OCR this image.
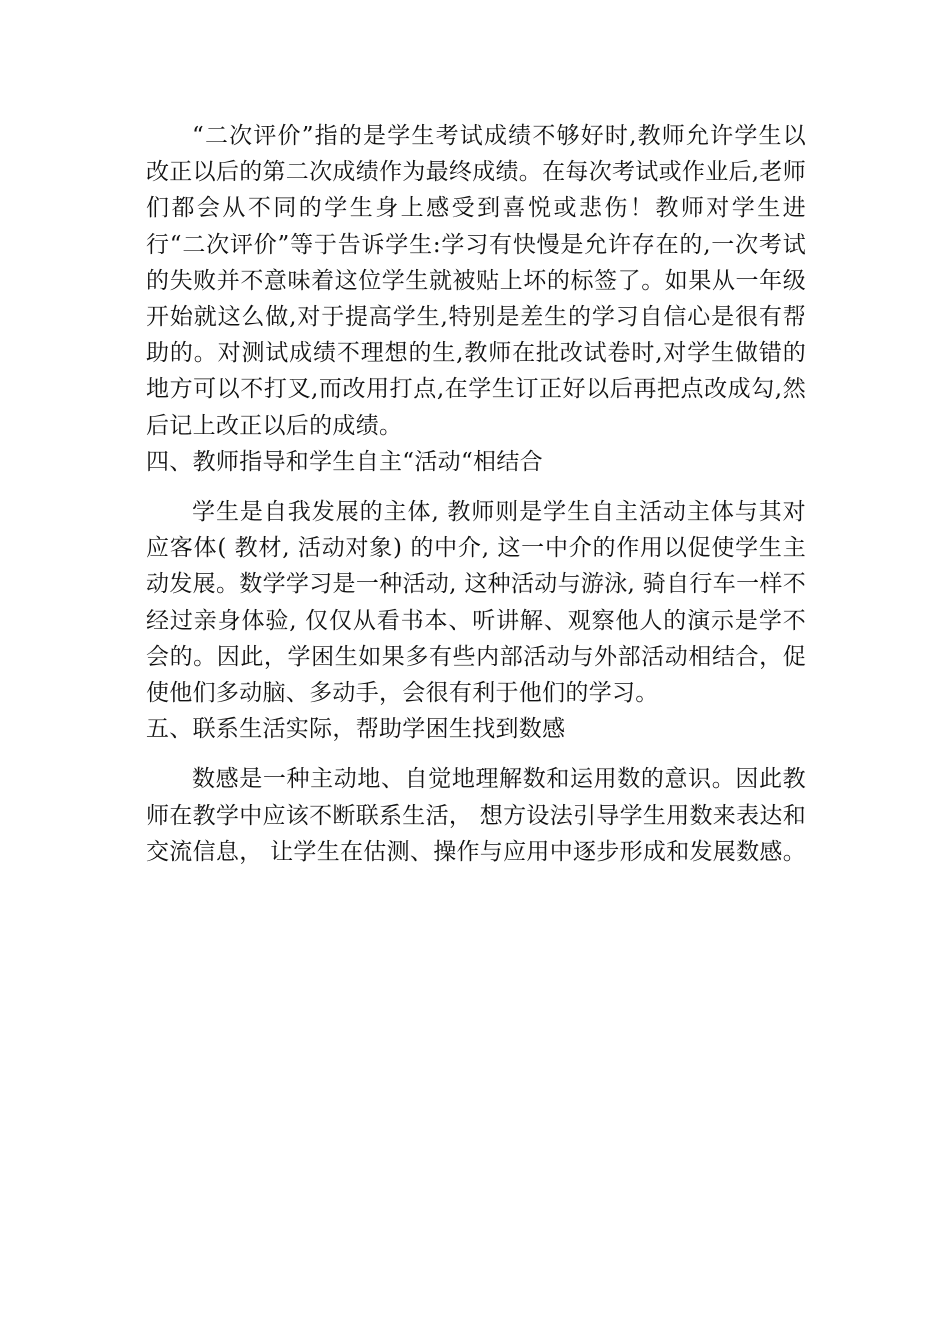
“二次评价”指的是学生考试成绩不够好时,教师允许学生以改正以后的第二次成绩作为最终成绩。在每次考试或作业后,老师们都会从不同的学生身上感受到喜悦或悲伤！教师对学生进行“二次评价”等于告诉学生:学习有快慢是允许存在的,一次考试的失败并不意味着这位学生就被贴上坏的标签了。如果从一年级开始就这么做,对于提高学生,特别是差生的学习自信心是很有帮助的。对测试成绩不理想的生,教师在批改试卷时,对学生做错的地方可以不打叉,而改用打点,在学生订正好以后再把点改成勾,然后记上改正以后的成绩。

四、教师指导和学生自主“活动“相结合

学生是自我发展的主体, 教师则是学生自主活动主体与其对应客体( 教材, 活动对象) 的中介, 这一中介的作用以促使学生主动发展。数学学习是一种活动, 这种活动与游泳, 骑自行车一样不经过亲身体验, 仅仅从看书本、听讲解、观察他人的演示是学不会的。因此，学困生如果多有些内部活动与外部活动相结合，促使他们多动脑、多动手，会很有利于他们的学习。

五、联系生活实际，帮助学困生找到数感

数感是一种主动地、自觉地理解数和运用数的意识。因此教师在教学中应该不断联系生活， 想方设法引导学生用数来表达和交流信息， 让学生在估测、操作与应用中逐步形成和发展数感。
